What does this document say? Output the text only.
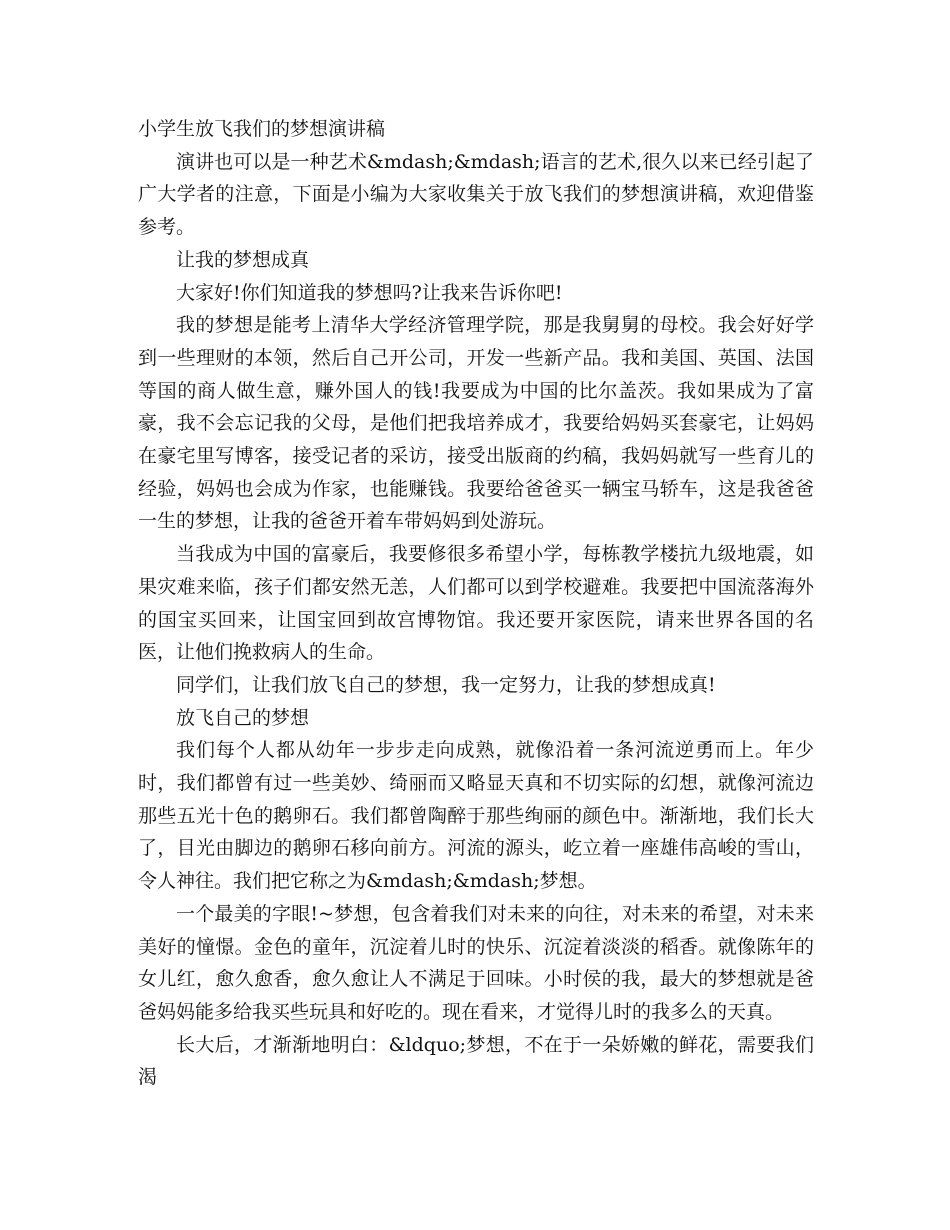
小学生放飞我们的梦想演讲稿

演讲也可以是一种艺术&mdash;&mdash;语言的艺术,很久以来已经引起了广大学者的注意，下面是小编为大家收集关于放飞我们的梦想演讲稿，欢迎借鉴参考。

让我的梦想成真

大家好!你们知道我的梦想吗?让我来告诉你吧!

我的梦想是能考上清华大学经济管理学院，那是我舅舅的母校。我会好好学到一些理财的本领，然后自己开公司，开发一些新产品。我和美国、英国、法国等国的商人做生意，赚外国人的钱!我要成为中国的比尔盖茨。我如果成为了富豪，我不会忘记我的父母，是他们把我培养成才，我要给妈妈买套豪宅，让妈妈在豪宅里写博客，接受记者的采访，接受出版商的约稿，我妈妈就写一些育儿的经验，妈妈也会成为作家，也能赚钱。我要给爸爸买一辆宝马轿车，这是我爸爸一生的梦想，让我的爸爸开着车带妈妈到处游玩。

当我成为中国的富豪后，我要修很多希望小学，每栋教学楼抗九级地震，如果灾难来临，孩子们都安然无恙，人们都可以到学校避难。我要把中国流落海外的国宝买回来，让国宝回到故宫博物馆。我还要开家医院，请来世界各国的名医，让他们挽救病人的生命。

同学们，让我们放飞自己的梦想，我一定努力，让我的梦想成真!

放飞自己的梦想

我们每个人都从幼年一步步走向成熟，就像沿着一条河流逆勇而上。年少时，我们都曾有过一些美妙、绮丽而又略显天真和不切实际的幻想，就像河流边那些五光十色的鹅卵石。我们都曾陶醉于那些绚丽的颜色中。渐渐地，我们长大了，目光由脚边的鹅卵石移向前方。河流的源头，屹立着一座雄伟高峻的雪山，令人神往。我们把它称之为&mdash;&mdash;梦想。

一个最美的字眼!~梦想，包含着我们对未来的向往，对未来的希望，对未来美好的憧憬。金色的童年，沉淀着儿时的快乐、沉淀着淡淡的稻香。就像陈年的女儿红，愈久愈香，愈久愈让人不满足于回味。小时侯的我，最大的梦想就是爸爸妈妈能多给我买些玩具和好吃的。现在看来，才觉得儿时的我多么的天真。

长大后，才渐渐地明白：&ldquo;梦想，不在于一朵娇嫩的鲜花，需要我们渴
